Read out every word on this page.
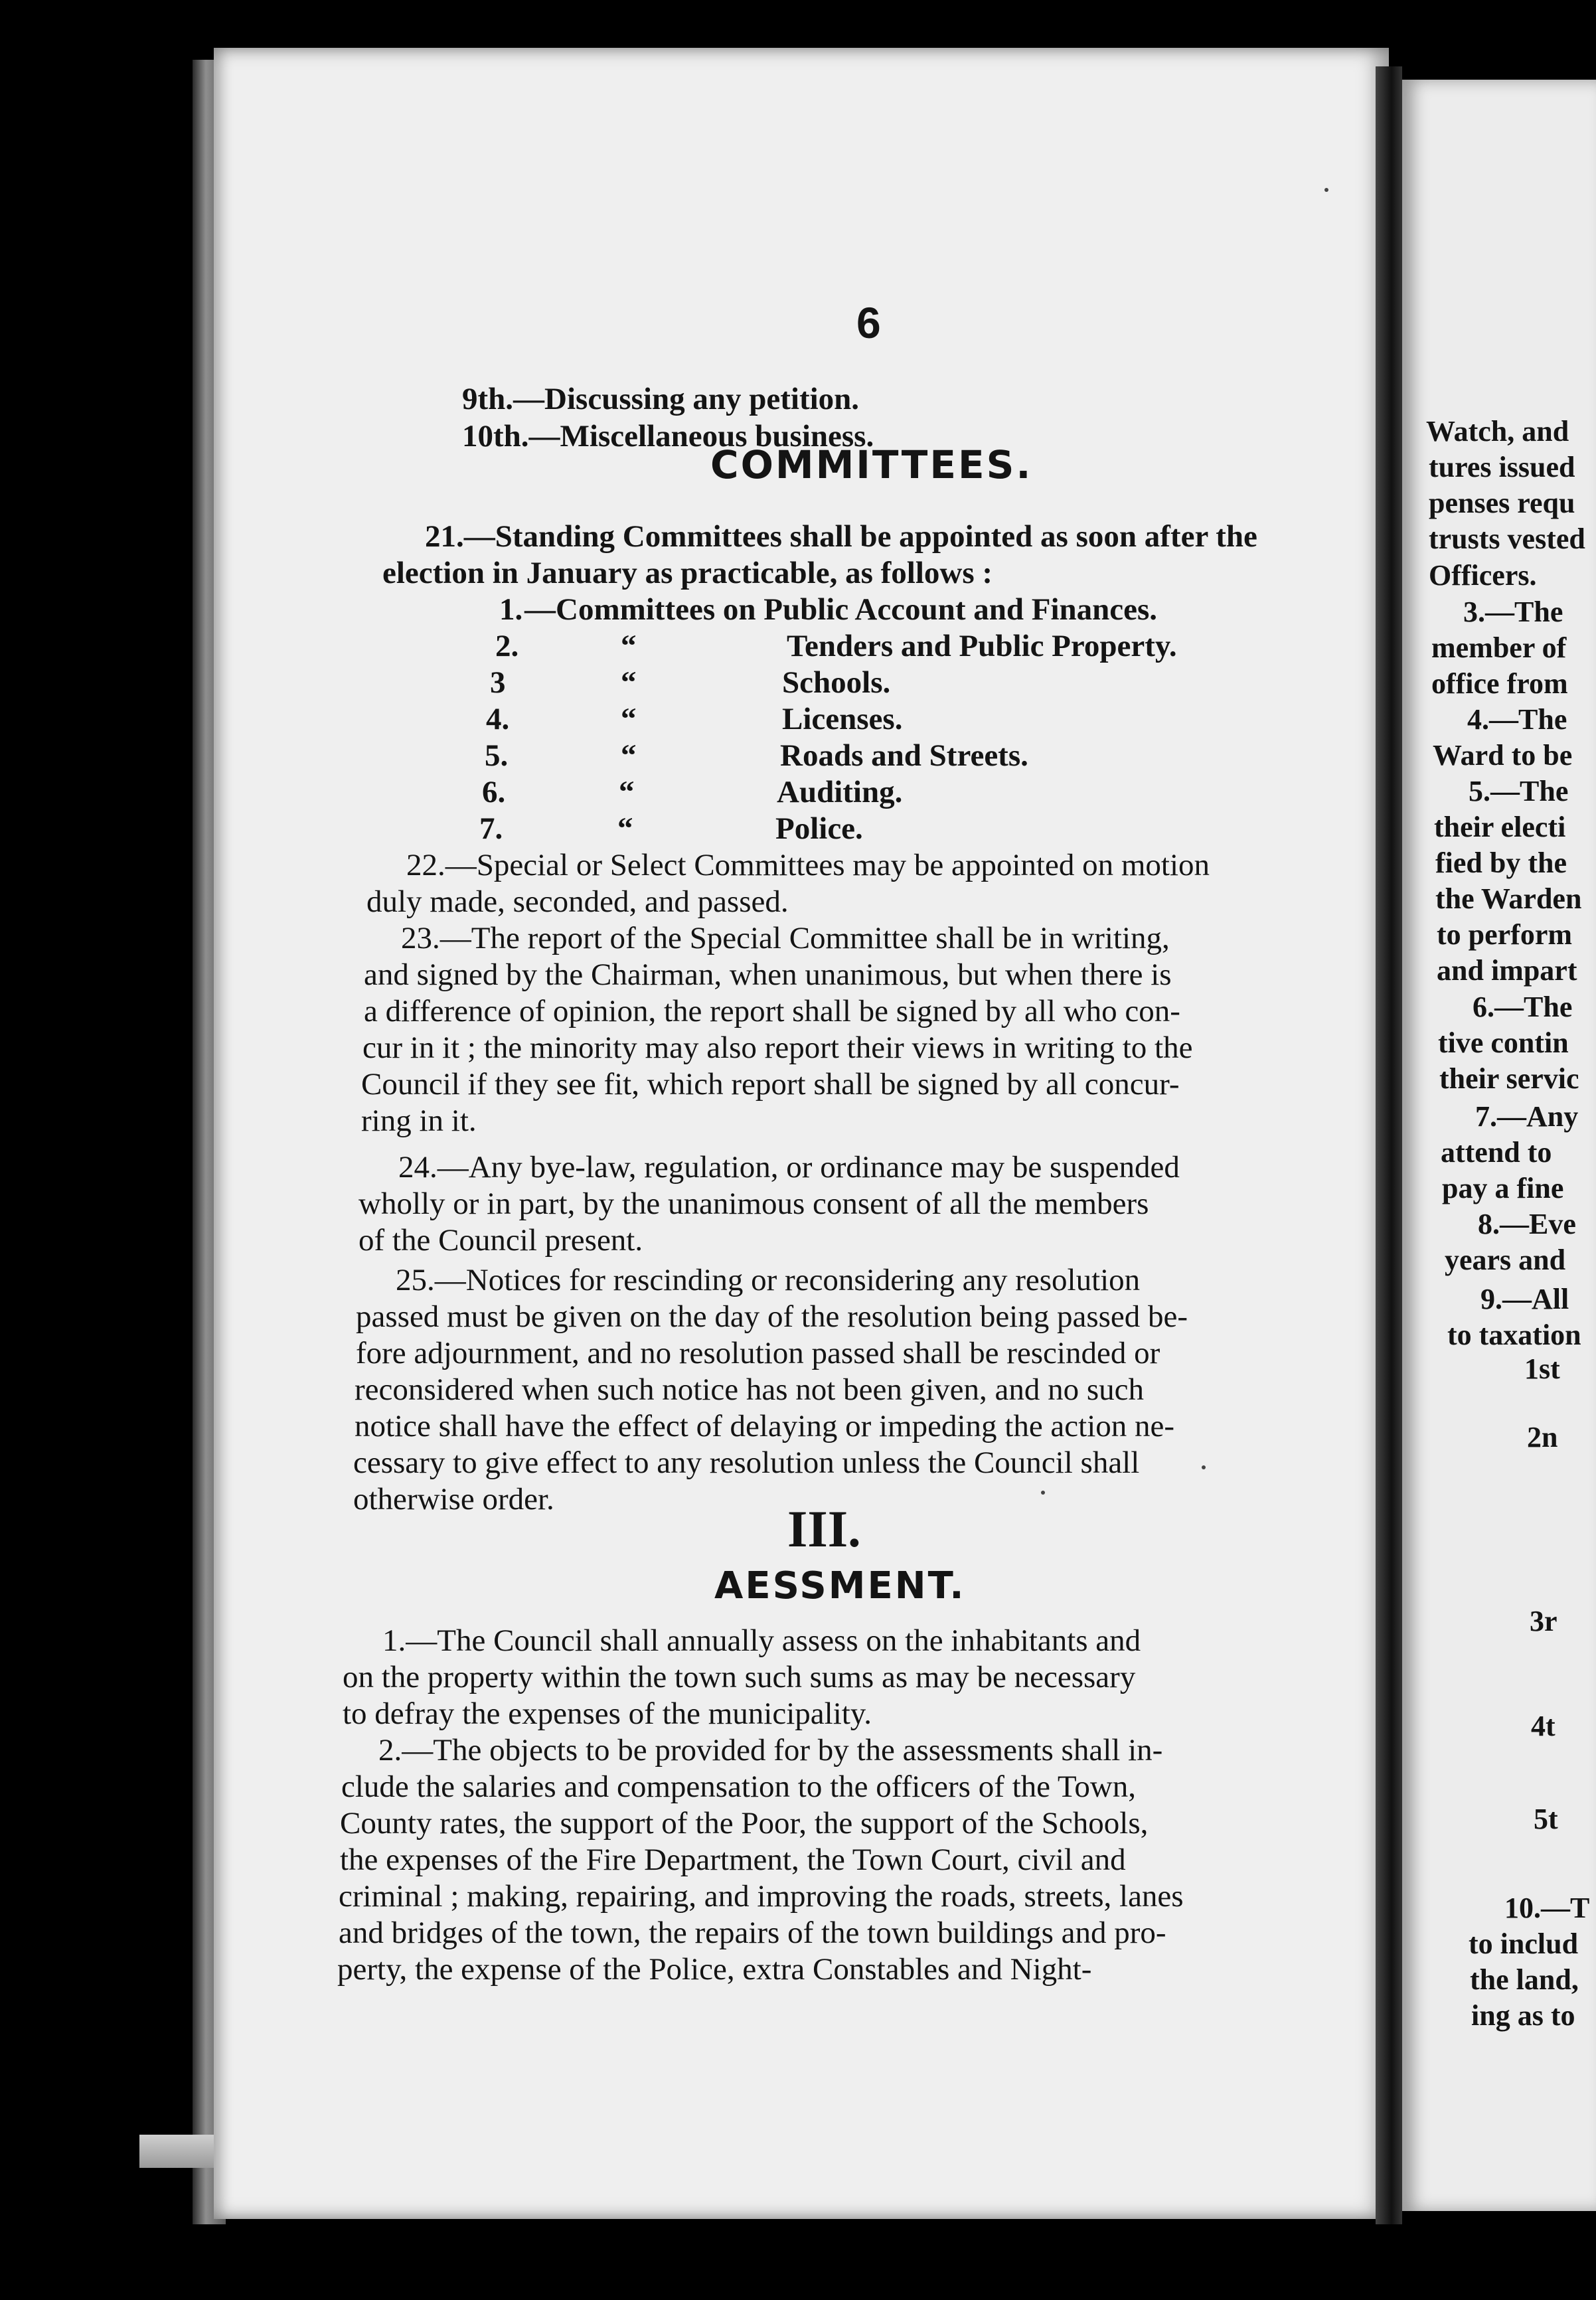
6
9th.—Discussing any petition.
10th.—Miscellaneous business.
COMMITTEES.
21.—Standing Committees shall be appointed as soon after the
election in January as practicable, as follows :
1. —Committees on Public Account and Finances.
2.	“	Tenders and Public Property.
3	“	Schools.
4.	“	Licenses.
5.	“	Roads and Streets.
6.	“	Auditing.
7.	“	Police.
22.—Special or Select Committees may be appointed on motion
duly made, seconded, and passed.
23.—The report of the Special Committee shall be in writing,
and signed by the Chairman, when unanimous, but when there is
a difference of opinion, the report shall be signed by all who con-
cur in it ; the minority may also report their views in writing to the
Council if they see fit, which report shall be signed by all concur-
ring in it.
24.—Any bye-law, regulation, or ordinance may be suspended
wholly or in part, by the unanimous consent of all the members
of the Council present.
25.—Notices for rescinding or reconsidering any resolution
passed must be given on the day of the resolution being passed be-
fore adjournment, and no resolution passed shall be rescinded or
reconsidered when such notice has not been given, and no such
notice shall have the effect of delaying or impeding the action ne-
cessary to give effect to any resolution unless the Council shall
otherwise order.
III.
AESSMENT.
1.—The Council shall annually assess on the inhabitants and
on the property within the town such sums as may be necessary
to defray the expenses of the municipality.
2.—The objects to be provided for by the assessments shall in-
clude the salaries and compensation to the officers of the Town,
County rates, the support of the Poor, the support of the Schools,
the expenses of the Fire Department, the Town Court, civil and
criminal ; making, repairing, and improving the roads, streets, lanes
and bridges of the town, the repairs of the town buildings and pro-
perty, the expense of the Police, extra Constables and Night-
Watch, and
tures issued
penses requ
trusts vested
Officers.
3.—The
member of
office from
4.—The
Ward to be
5.—The
their electi
fied by the
the Warden
to perform
and impart
6.—The
tive contin
their servic
7.—Any
attend to
pay a fine
8.—Eve
years and
9.—All
to taxation
1st
2n
3r
4t
5t
10.—T
to includ
the land,
ing as to
